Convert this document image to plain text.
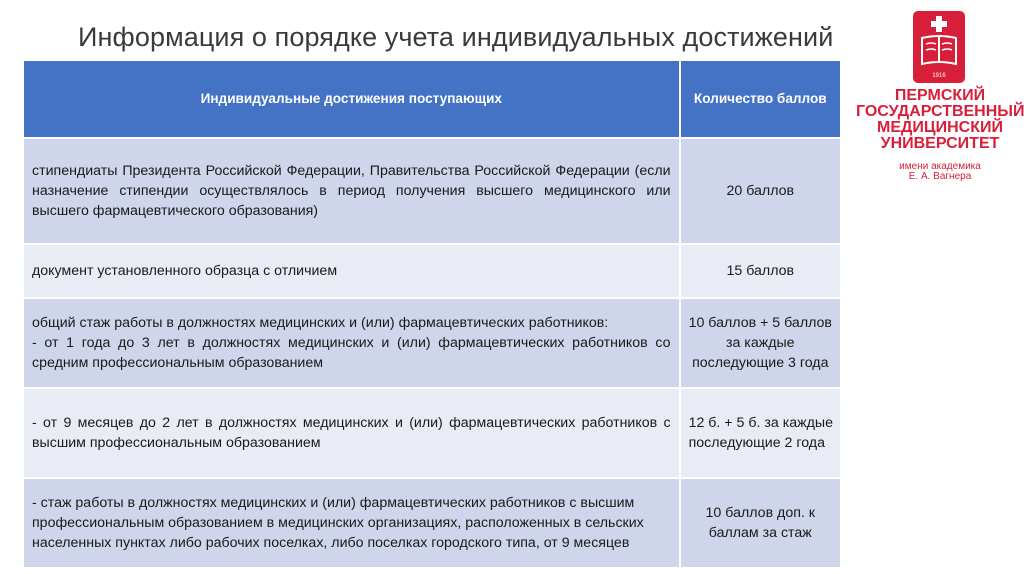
Информация о порядке учета индивидуальных достижений
Индивидуальные достижения поступающих	Количество баллов
стипендиаты Президента Российской Федерации, Правительства Российской Федерации (если назначение стипендии осуществлялось в период получения высшего медицинского или высшего фармацевтического образования)	20 баллов
документ установленного образца с отличием	15 баллов
общий стаж работы в должностях медицинских и (или) фармацевтических работников:
- от 1 года до 3 лет в должностях медицинских и (или) фармацевтических работников со средним профессиональным образованием	10 баллов + 5 баллов за каждые последующие 3 года
- от 9 месяцев до 2 лет в должностях медицинских и (или) фармацевтических работников с высшим профессиональным образованием	12 б. + 5 б. за каждые последующие 2 года
- стаж работы в должностях медицинских и (или) фармацевтических работников с высшим профессиональным образованием в медицинских организациях, расположенных в сельских населенных пунктах либо рабочих поселках, либо поселках городского типа, от 9 месяцев	10 баллов доп. к баллам за стаж
1916
ПЕРМСКИЙ
ГОСУДАРСТВЕННЫЙ
МЕДИЦИНСКИЙ
УНИВЕРСИТЕТ
имени академика
Е. А. Вагнера
